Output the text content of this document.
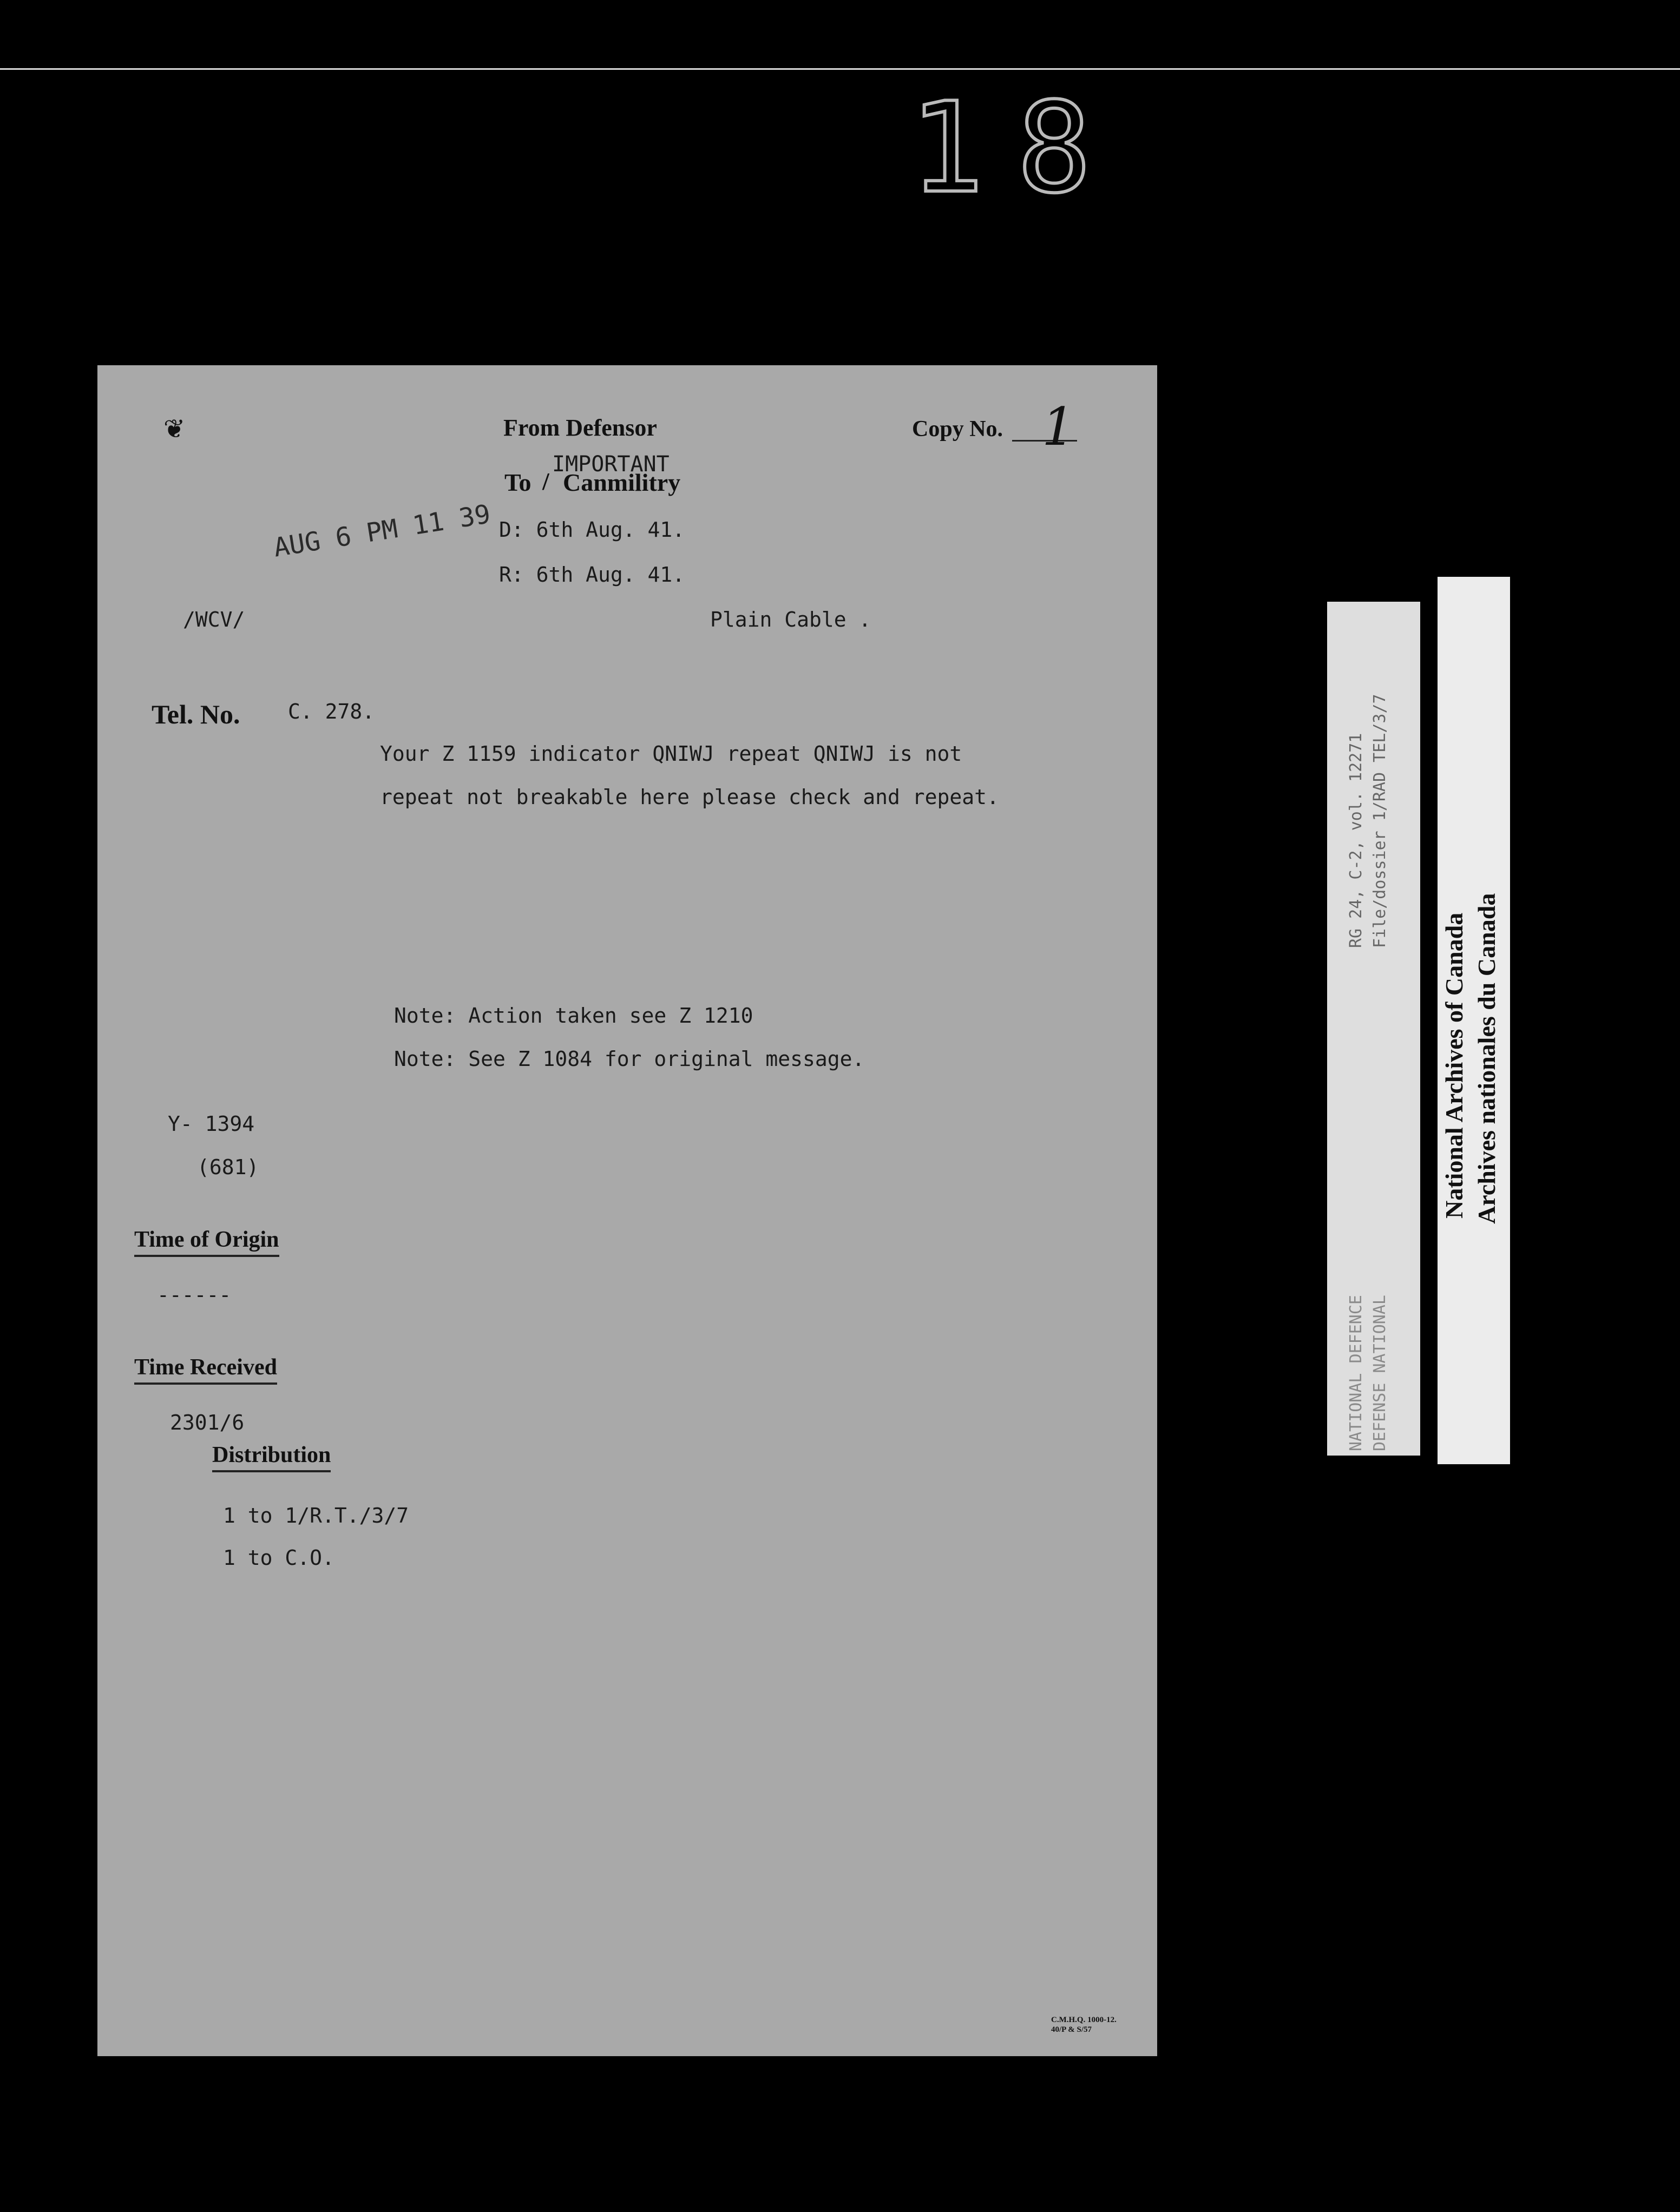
18
❦	From Defensor	Copy No. 1
IMPORTANT
To / Canmilitry
AUG 6 PM 11 39 D: 6th Aug. 41.
R: 6th Aug. 41.
/WCV/	Plain Cable .
Tel. No. C. 278.
Your Z 1159 indicator QNIWJ repeat QNIWJ is not
repeat not breakable here please check and repeat.
Note: Action taken see Z 1210
Note: See Z 1084 for original message.
Y- 1394
(681)
Time of Origin
------
Time Received
2301/6
Distribution
1 to 1/R.T./3/7
1 to C.O.
C.M.H.Q. 1000-12.
40/P & S/57
RG 24, C-2, vol. 12271 File/dossier 1/RAD TEL/3/7
NATIONAL DEFENCE DEFENSE NATIONAL
National Archives of Canada Archives nationales du Canada
